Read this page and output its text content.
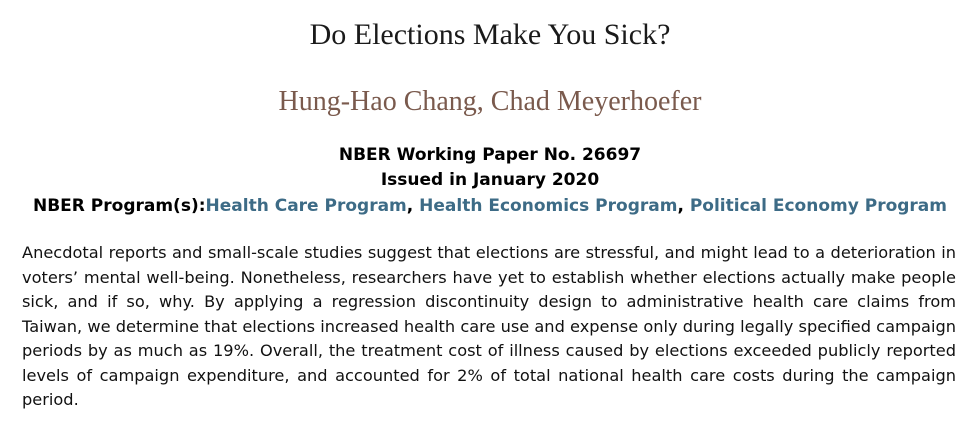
Do Elections Make You Sick?
Hung-Hao Chang, Chad Meyerhoefer
NBER Working Paper No. 26697
Issued in January 2020
NBER Program(s):Health Care Program, Health Economics Program, Political Economy Program

Anecdotal reports and small-scale studies suggest that elections are stressful, and might lead to a deterioration in voters’ mental well-being. Nonetheless, researchers have yet to establish whether elections actually make people sick, and if so, why. By applying a regression discontinuity design to administrative health care claims from Taiwan, we determine that elections increased health care use and expense only during legally specified campaign periods by as much as 19%. Overall, the treatment cost of illness caused by elections exceeded publicly reported levels of campaign expenditure, and accounted for 2% of total national health care costs during the campaign period.
